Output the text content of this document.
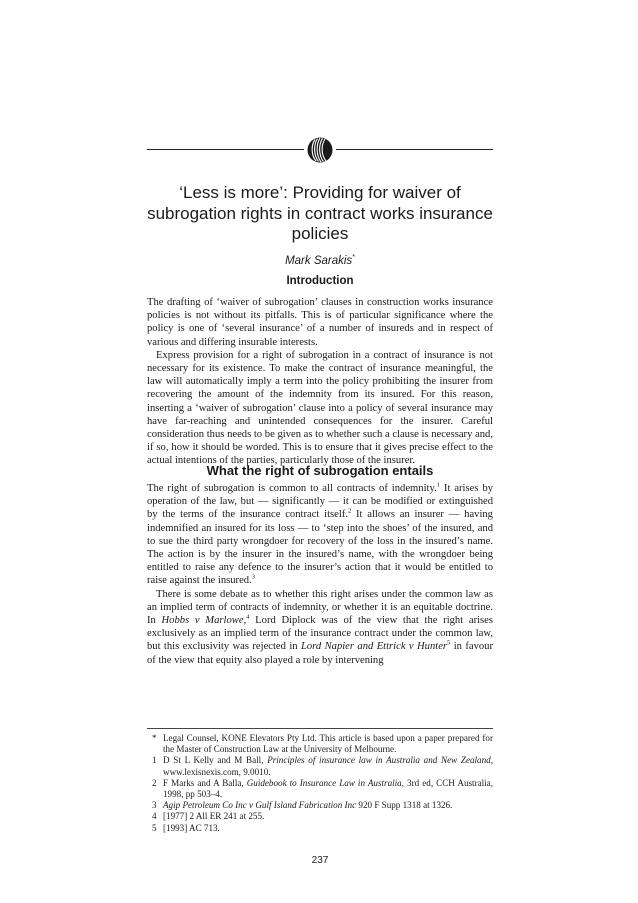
‘Less is more’: Providing for waiver of subrogation rights in contract works insurance policies
Mark Sarakis*
Introduction

The drafting of ‘waiver of subrogation’ clauses in construction works insurance policies is not without its pitfalls. This is of particular significance where the policy is one of ‘several insurance’ of a number of insureds and in respect of various and differing insurable interests.

Express provision for a right of subrogation in a contract of insurance is not necessary for its existence. To make the contract of insurance meaningful, the law will automatically imply a term into the policy prohibiting the insurer from recovering the amount of the indemnity from its insured. For this reason, inserting a ‘waiver of subrogation’ clause into a policy of several insurance may have far-reaching and unintended consequences for the insurer. Careful consideration thus needs to be given as to whether such a clause is necessary and, if so, how it should be worded. This is to ensure that it gives precise effect to the actual intentions of the parties, particularly those of the insurer.

What the right of subrogation entails

The right of subrogation is common to all contracts of indemnity.$^1$ It arises by operation of the law, but — significantly — it can be modified or extinguished by the terms of the insurance contract itself.$^2$ It allows an insurer — having indemnified an insured for its loss — to ‘step into the shoes’ of the insured, and to sue the third party wrongdoer for recovery of the loss in the insured’s name. The action is by the insurer in the insured’s name, with the wrongdoer being entitled to raise any defence to the insurer’s action that it would be entitled to raise against the insured.$^3$

There is some debate as to whether this right arises under the common law as an implied term of contracts of indemnity, or whether it is an equitable doctrine. In Hobbs v Marlowe,$^4$ Lord Diplock was of the view that the right arises exclusively as an implied term of the insurance contract under the common law, but this exclusivity was rejected in Lord Napier and Ettrick v Hunter$^5$ in favour of the view that equity also played a role by intervening

* Legal Counsel, KONE Elevators Pty Ltd. This article is based upon a paper prepared for the Master of Construction Law at the University of Melbourne.
1 D St L Kelly and M Ball, Principles of insurance law in Australia and New Zealand, www.lexisnexis.com, 9.0010.
2 F Marks and A Balla, Guidebook to Insurance Law in Australia, 3rd ed, CCH Australia, 1998, pp 503–4.
3 Agip Petroleum Co Inc v Gulf Island Fabrication Inc 920 F Supp 1318 at 1326.
4 [1977] 2 All ER 241 at 255.
5 [1993] AC 713.
237
